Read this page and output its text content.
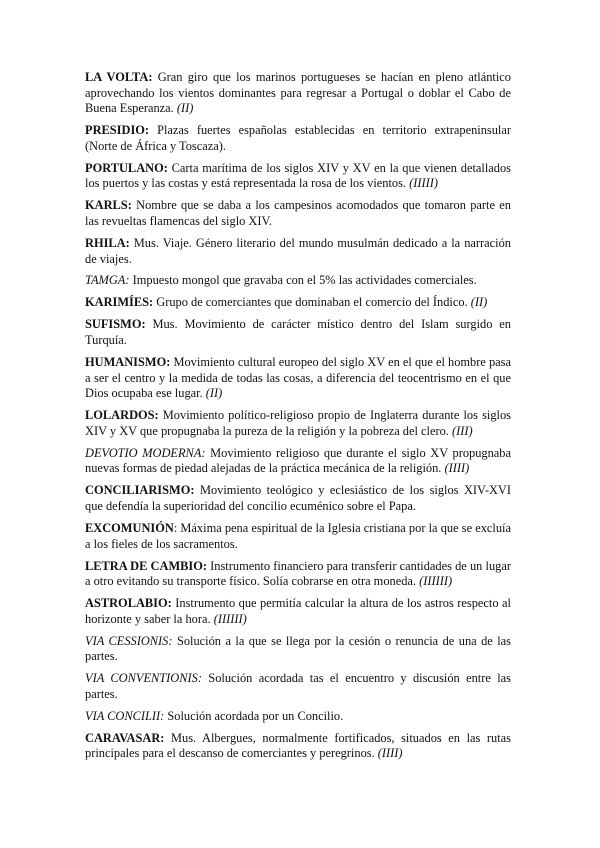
LA VOLTA: Gran giro que los marinos portugueses se hacían en pleno atlántico aprovechando los vientos dominantes para regresar a Portugal o doblar el Cabo de Buena Esperanza. (II)

PRESIDIO: Plazas fuertes españolas establecidas en territorio extrapeninsular (Norte de África y Toscaza).

PORTULANO: Carta marítima de los siglos XIV y XV en la que vienen detallados los puertos y las costas y está representada la rosa de los vientos. (IIIII)

KARLS: Nombre que se daba a los campesinos acomodados que tomaron parte en las revueltas flamencas del siglo XIV.

RHILA: Mus. Viaje. Género literario del mundo musulmán dedicado a la narración de viajes.

TAMGA: Impuesto mongol que gravaba con el 5% las actividades comerciales.

KARIMÍES: Grupo de comerciantes que dominaban el comercio del Índico. (II)

SUFISMO: Mus. Movimiento de carácter místico dentro del Islam surgido en Turquía.

HUMANISMO: Movimiento cultural europeo del siglo XV en el que el hombre pasa a ser el centro y la medida de todas las cosas, a diferencia del teocentrismo en el que Dios ocupaba ese lugar. (II)

LOLARDOS: Movimiento político-religioso propio de Inglaterra durante los siglos XIV y XV que propugnaba la pureza de la religión y la pobreza del clero. (III)

DEVOTIO MODERNA: Movimiento religioso que durante el siglo XV propugnaba nuevas formas de piedad alejadas de la práctica mecánica de la religión. (IIII)

CONCILIARISMO: Movimiento teológico y eclesiástico de los siglos XIV-XVI que defendía la superioridad del concilio ecuménico sobre el Papa.

EXCOMUNIÓN: Máxima pena espiritual de la Iglesia cristiana por la que se excluía a los fieles de los sacramentos.

LETRA DE CAMBIO: Instrumento financiero para transferir cantidades de un lugar a otro evitando su transporte físico. Solía cobrarse en otra moneda. (IIIIII)

ASTROLABIO: Instrumento que permitía calcular la altura de los astros respecto al horizonte y saber la hora. (IIIIII)

VIA CESSIONIS: Solución a la que se llega por la cesión o renuncia de una de las partes.

VIA CONVENTIONIS: Solución acordada tas el encuentro y discusión entre las partes.

VIA CONCILII: Solución acordada por un Concilio.

CARAVASAR: Mus. Albergues, normalmente fortificados, situados en las rutas principales para el descanso de comerciantes y peregrinos. (IIII)
